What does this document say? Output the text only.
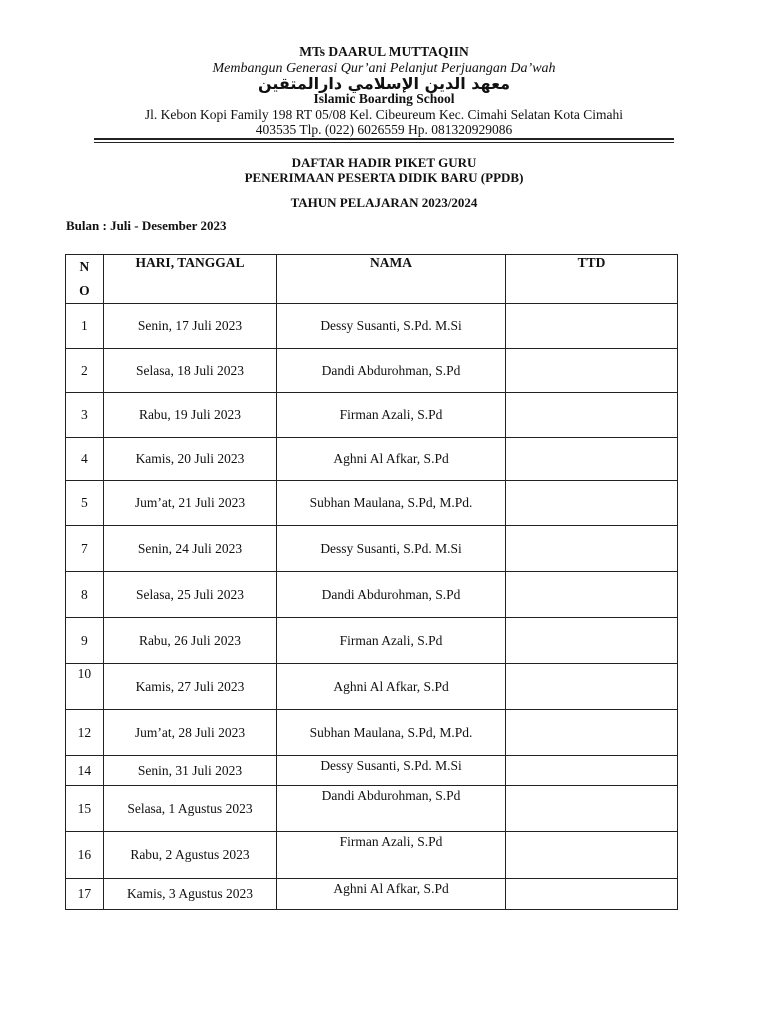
MTs DAARUL MUTTAQIIN
Membangun Generasi Qur’ani Pelanjut Perjuangan Da’wah
معهد الدين الإسلامي دارالمتقين
Islamic Boarding School
Jl. Kebon Kopi Family 198 RT 05/08 Kel. Cibeureum Kec. Cimahi Selatan Kota Cimahi
403535 Tlp. (022) 6026559 Hp. 081320929086
DAFTAR HADIR PIKET GURU
PENERIMAAN PESERTA DIDIK BARU (PPDB)
TAHUN PELAJARAN 2023/2024
Bulan : Juli - Desember 2023
N
O	HARI, TANGGAL	NAMA	TTD
1	Senin, 17 Juli 2023	Dessy Susanti, S.Pd. M.Si	
2	Selasa, 18 Juli 2023	Dandi Abdurohman, S.Pd	
3	Rabu, 19 Juli 2023	Firman Azali, S.Pd	
4	Kamis, 20 Juli 2023	Aghni Al Afkar, S.Pd	
5	Jum’at, 21 Juli 2023	Subhan Maulana, S.Pd, M.Pd.	
7	Senin, 24 Juli 2023	Dessy Susanti, S.Pd. M.Si	
8	Selasa, 25 Juli 2023	Dandi Abdurohman, S.Pd	
9	Rabu, 26 Juli 2023	Firman Azali, S.Pd	
10	Kamis, 27 Juli 2023	Aghni Al Afkar, S.Pd	
12	Jum’at, 28 Juli 2023	Subhan Maulana, S.Pd, M.Pd.	
14	Senin, 31 Juli 2023	Dessy Susanti, S.Pd. M.Si	
15	Selasa, 1 Agustus 2023	Dandi Abdurohman, S.Pd	
16	Rabu, 2 Agustus 2023	Firman Azali, S.Pd	
17	Kamis, 3 Agustus 2023	Aghni Al Afkar, S.Pd	
